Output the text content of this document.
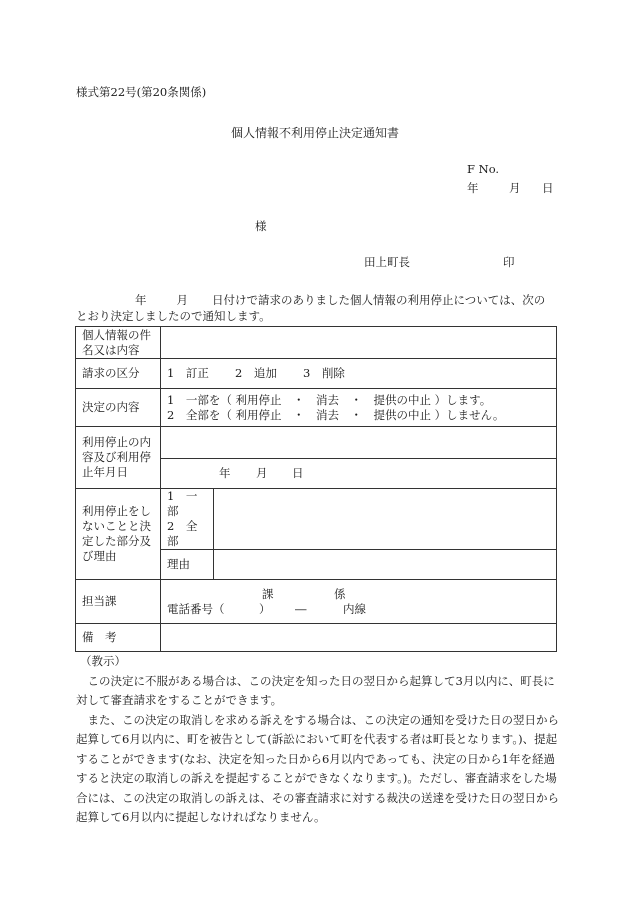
様式第22号(第20条関係)
個人情報不利用停止決定通知書
F No.
年	月 日
様
田上町長	印
年	月 日付けで請求のありました個人情報の利用停止については、次の
とおり決定しましたので通知します。
個人情報の件名又は内容		
請求の区分	1　訂正 2　追加 3　削除	
決定の内容	1　一部を（ 利用停止　・　消去　・　提供の中止 ）します。
2　全部を（ 利用停止　・　消去　・　提供の中止 ）しません。	

利用停止の内容及び利用停止年月日		
	年 月 日	
利用停止をしないことと決定した部分及び理由	1　一部
2　全部	

	理由	
担当課	課 係
電話番号（　　　） ― 内線	

備　考		
（教示）

この決定に不服がある場合は、この決定を知った日の翌日から起算して3月以内に、町長に対して審査請求をすることができます。

また、この決定の取消しを求める訴えをする場合は、この決定の通知を受けた日の翌日から起算して6月以内に、町を被告として(訴訟において町を代表する者は町長となります。)、提起することができます(なお、決定を知った日から6月以内であっても、決定の日から1年を経過すると決定の取消しの訴えを提起することができなくなります。)。ただし、審査請求をした場合には、この決定の取消しの訴えは、その審査請求に対する裁決の送達を受けた日の翌日から起算して6月以内に提起しなければなりません。
